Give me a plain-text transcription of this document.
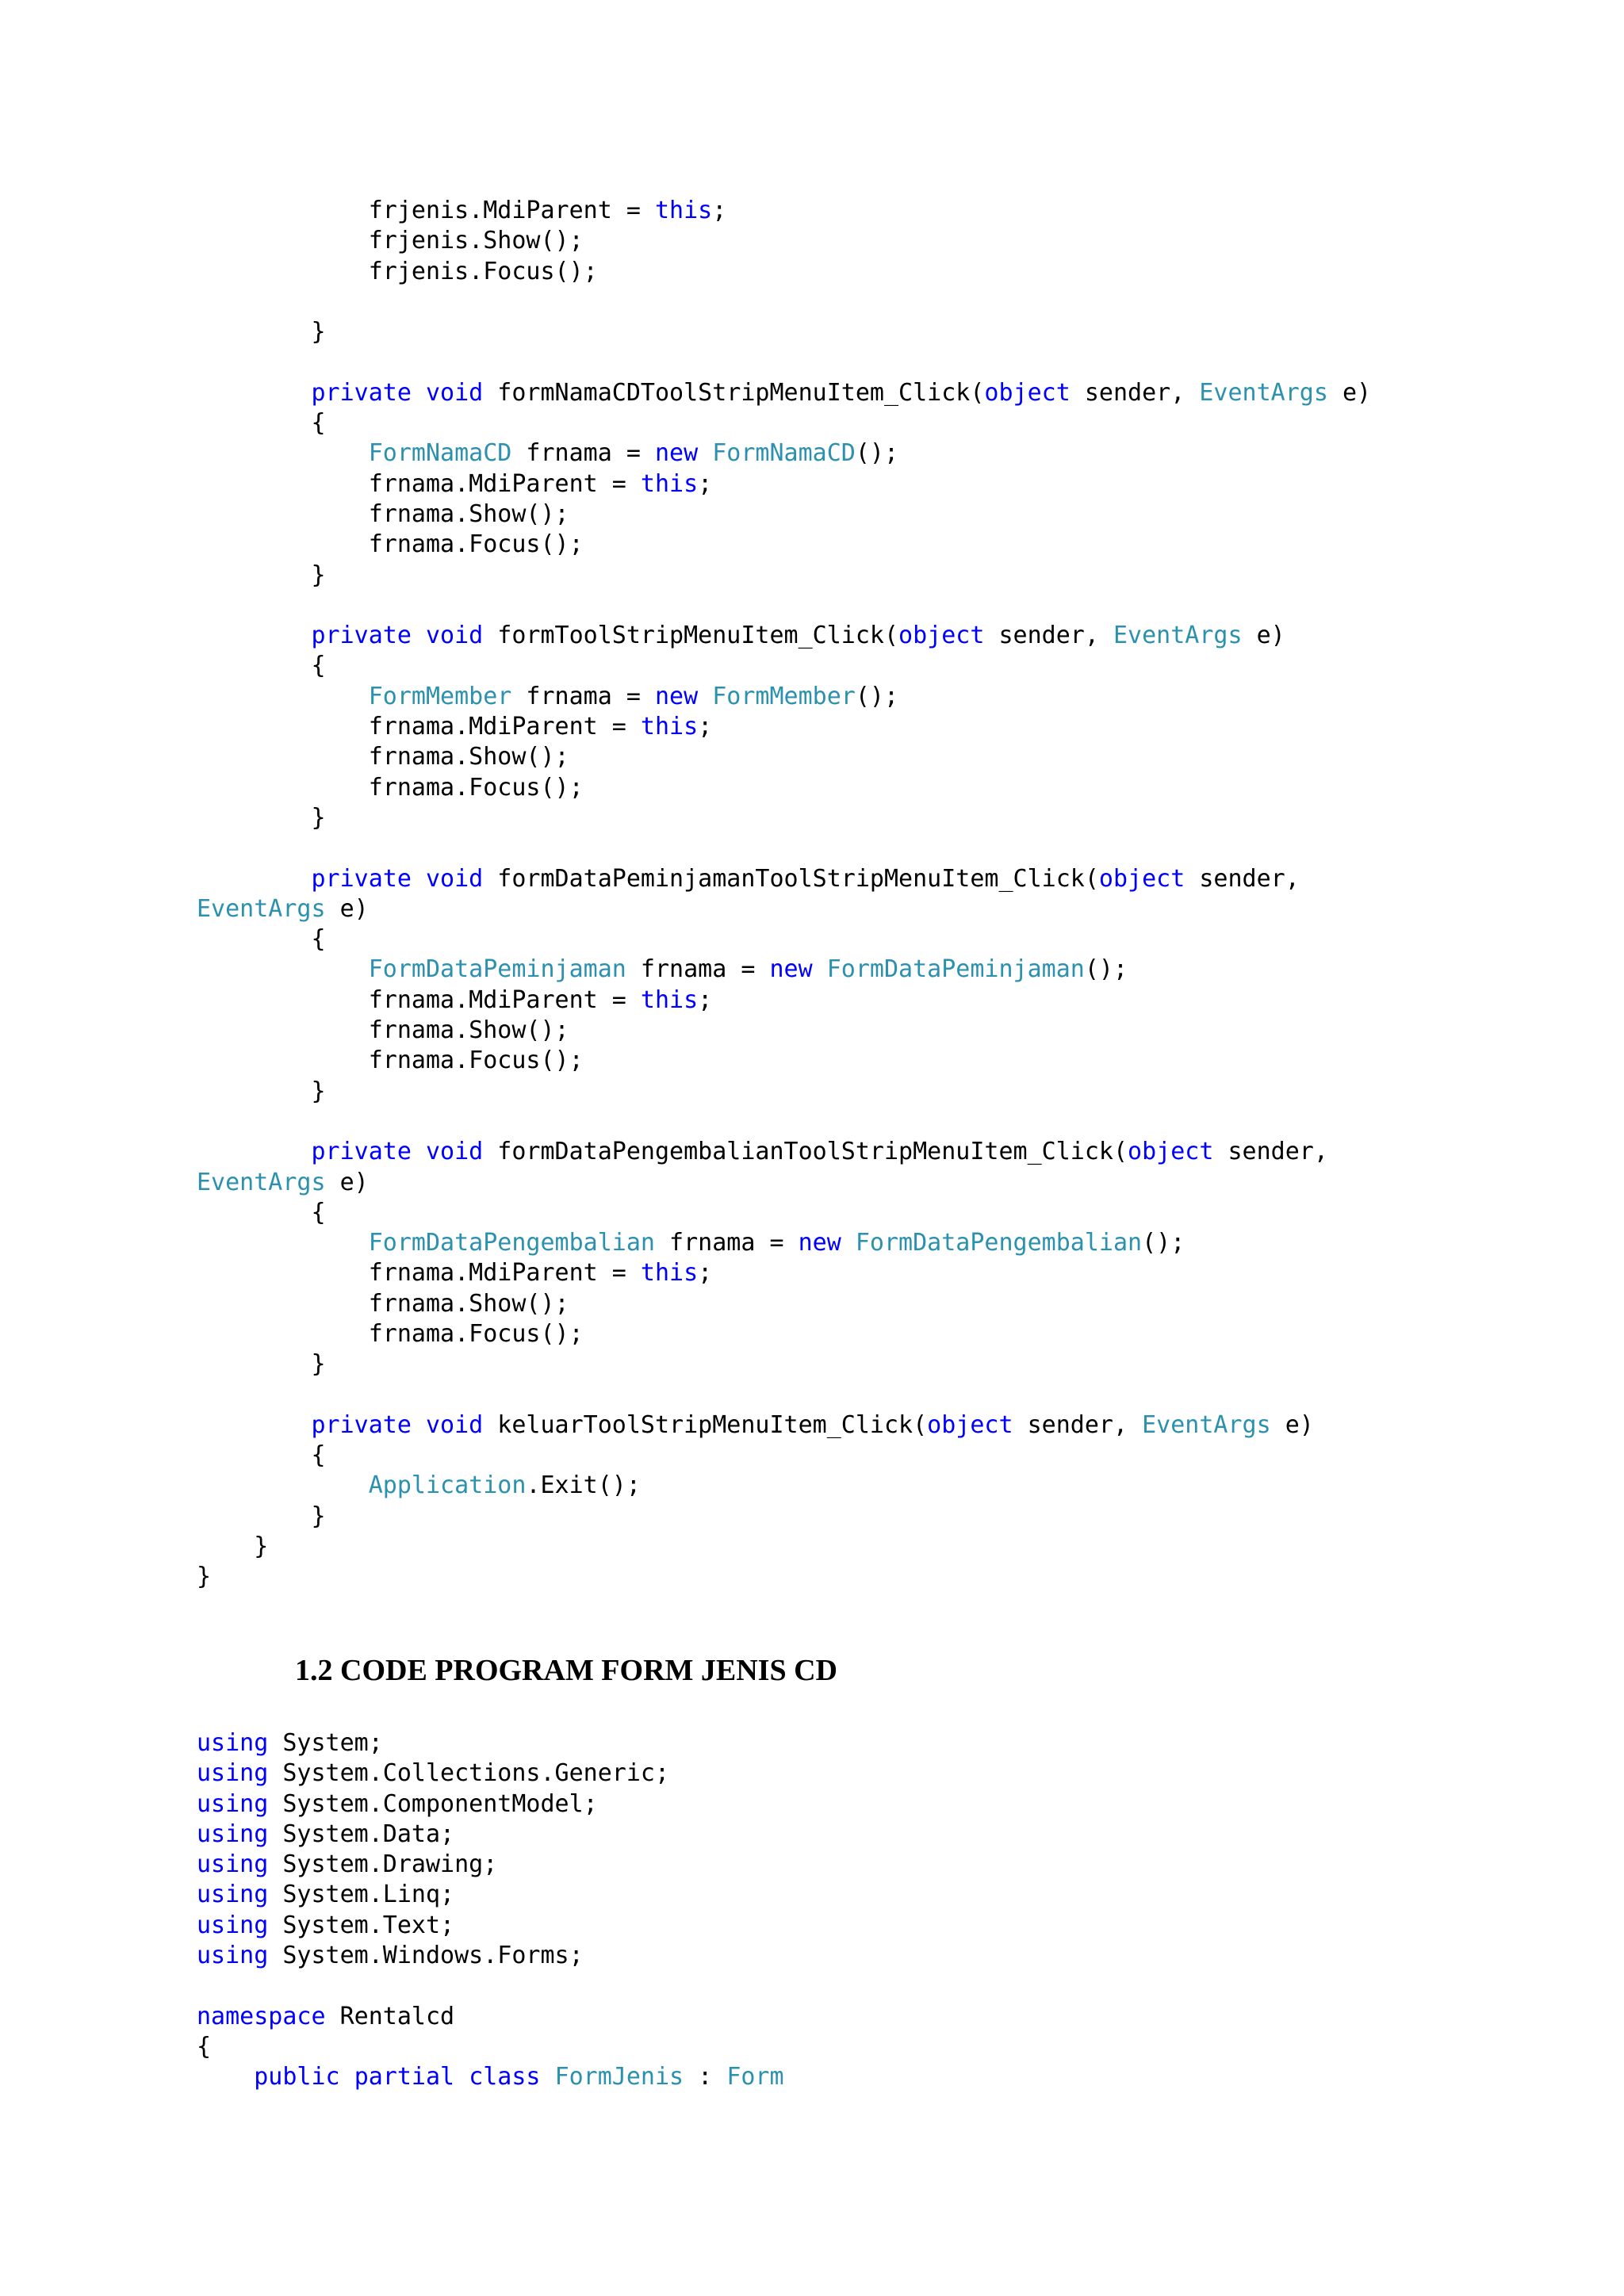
frjenis.MdiParent = this;
frjenis.Show();
frjenis.Focus();
}
private void formNamaCDToolStripMenuItem_Click(object sender, EventArgs e)
{
FormNamaCD frnama = new FormNamaCD();
frnama.MdiParent = this;
frnama.Show();
frnama.Focus();
}
private void formToolStripMenuItem_Click(object sender, EventArgs e)
{
FormMember frnama = new FormMember();
frnama.MdiParent = this;
frnama.Show();
frnama.Focus();
}
private void formDataPeminjamanToolStripMenuItem_Click(object sender,
EventArgs e)
{
FormDataPeminjaman frnama = new FormDataPeminjaman();
frnama.MdiParent = this;
frnama.Show();
frnama.Focus();
}
private void formDataPengembalianToolStripMenuItem_Click(object sender,
EventArgs e)
{
FormDataPengembalian frnama = new FormDataPengembalian();
frnama.MdiParent = this;
frnama.Show();
frnama.Focus();
}
private void keluarToolStripMenuItem_Click(object sender, EventArgs e)
{
Application.Exit();
}
}
}
1.2 CODE PROGRAM FORM JENIS CD
using System;
using System.Collections.Generic;
using System.ComponentModel;
using System.Data;
using System.Drawing;
using System.Linq;
using System.Text;
using System.Windows.Forms;
namespace Rentalcd
{
public partial class FormJenis : Form
